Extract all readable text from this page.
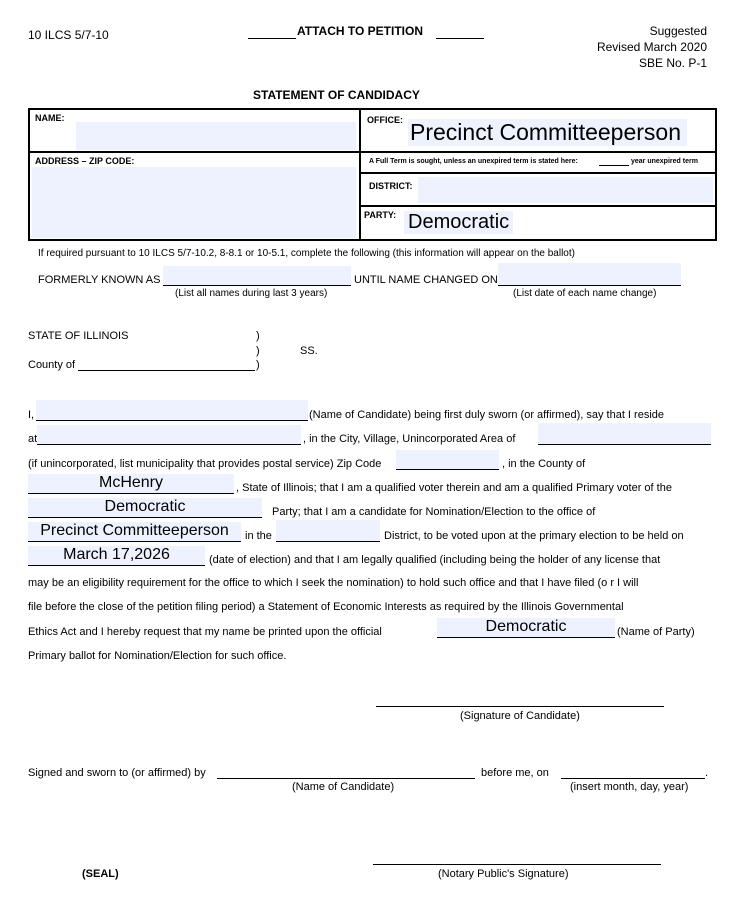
10 ILCS 5/7-10	ATTACH TO PETITION	Suggested
Revised March 2020
SBE No. P-1
STATEMENT OF CANDIDACY
NAME:
ADDRESS – ZIP CODE:
OFFICE: Precinct Committeeperson
A Full Term is sought, unless an unexpired term is stated here:	year unexpired term
DISTRICT:
PARTY: Democratic
If required pursuant to 10 ILCS 5/7-10.2, 8-8.1 or 10-5.1, complete the following (this information will appear on the ballot)
FORMERLY KNOWN AS	UNTIL NAME CHANGED ON
(List all names during last 3 years)	(List date of each name change)
STATE OF ILLINOIS	)
)
)
SS.
County of
I,	(Name of Candidate) being first duly sworn (or affirmed), say that I reside
at	, in the City, Village, Unincorporated Area of
(if unincorporated, list municipality that provides postal service) Zip Code	, in the County of
McHenry	, State of Illinois; that I am a qualified voter therein and am a qualified Primary voter of the
Democratic	Party; that I am a candidate for Nomination/Election to the office of
Precinct Committeeperson	in the	District, to be voted upon at the primary election to be held on
March 17,2026	(date of election) and that I am legally qualified (including being the holder of any license that
may be an eligibility requirement for the office to which I seek the nomination) to hold such office and that I have filed (o r I will
file before the close of the petition filing period) a Statement of Economic Interests as required by the Illinois Governmental
Ethics Act and I hereby request that my name be printed upon the official	Democratic	(Name of Party)
Primary ballot for Nomination/Election for such office.
(Signature of Candidate)
Signed and sworn to (or affirmed) by	before me, on	.
(Name of Candidate)	(insert month, day, year)
(SEAL)	(Notary Public's Signature)
